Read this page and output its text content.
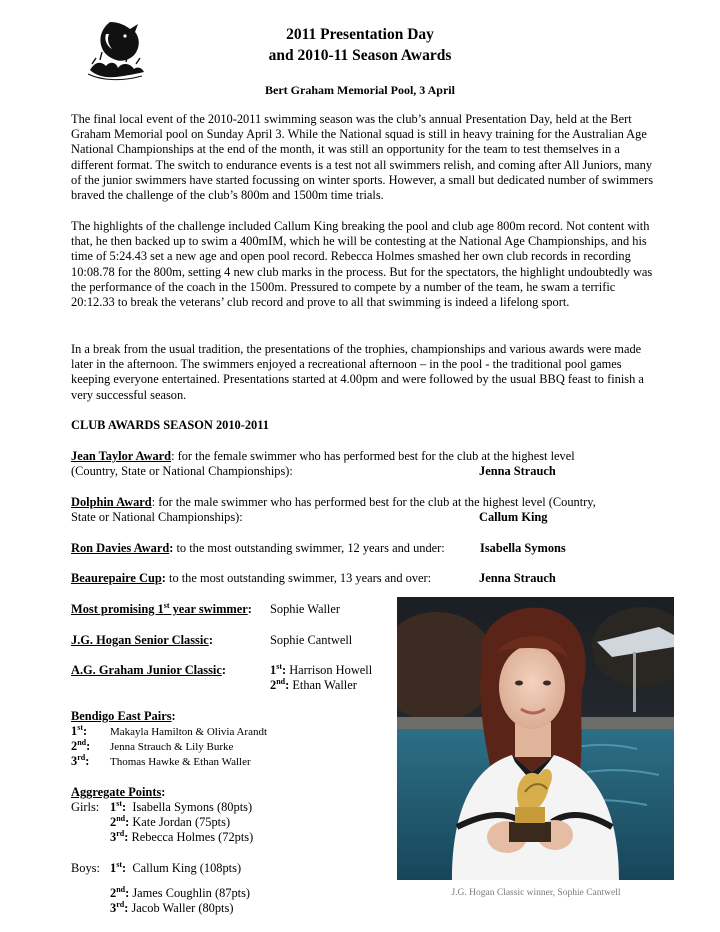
2011 Presentation Day
and 2010-11 Season Awards
Bert Graham Memorial Pool, 3 April
The final local event of the 2010-2011 swimming season was the club’s annual Presentation Day, held at the Bert Graham Memorial pool on Sunday April 3. While the National squad is still in heavy training for the Australian Age National Championships at the end of the month, it was still an opportunity for the team to test themselves in a different format. The switch to endurance events is a test not all swimmers relish, and coming after All Juniors, many of the junior swimmers have started focussing on winter sports. However, a small but dedicated number of swimmers braved the challenge of the club’s 800m and 1500m time trials.
The highlights of the challenge included Callum King breaking the pool and club age 800m record. Not content with that, he then backed up to swim a 400mIM, which he will be contesting at the National Age Championships, and his time of 5:24.43 set a new age and open pool record. Rebecca Holmes smashed her own club records in recording 10:08.78 for the 800m, setting 4 new club marks in the process. But for the spectators, the highlight undoubtedly was the performance of the coach in the 1500m. Pressured to compete by a number of the team, he swam a terrific 20:12.33 to break the veterans’ club record and prove to all that swimming is indeed a lifelong sport.
In a break from the usual tradition, the presentations of the trophies, championships and various awards were made later in the afternoon. The swimmers enjoyed a recreational afternoon – in the pool - the traditional pool games keeping everyone entertained. Presentations started at 4.00pm and were followed by the usual BBQ feast to finish a very successful season.
CLUB AWARDS SEASON 2010-2011
Jean Taylor Award: for the female swimmer who has performed best for the club at the highest level
(Country, State or National Championships):	Jenna Strauch
Dolphin Award: for the male swimmer who has performed best for the club at the highest level (Country,
State or National Championships):	Callum King
Ron Davies Award: to the most outstanding swimmer, 12 years and under:	Isabella Symons
Beaurepaire Cup: to the most outstanding swimmer, 13 years and over:	Jenna Strauch
Most promising 1st year swimmer: Sophie Waller
J.G. Hogan Senior Classic:	Sophie Cantwell
A.G. Graham Junior Classic:	1st: Harrison Howell
2nd: Ethan Waller
Bendigo East Pairs:
1st: Makayla Hamilton & Olivia Arandt
2nd: Jenna Strauch & Lily Burke
3rd: Thomas Hawke & Ethan Waller
Aggregate Points:
Girls: 1st:  Isabella Symons (80pts)
2nd: Kate Jordan (75pts)
3rd: Rebecca Holmes (72pts)
Boys: 1st:  Callum King (108pts)
2nd: James Coughlin (87pts)
3rd: Jacob Waller (80pts)
J.G. Hogan Classic winner, Sophie Cantwell
